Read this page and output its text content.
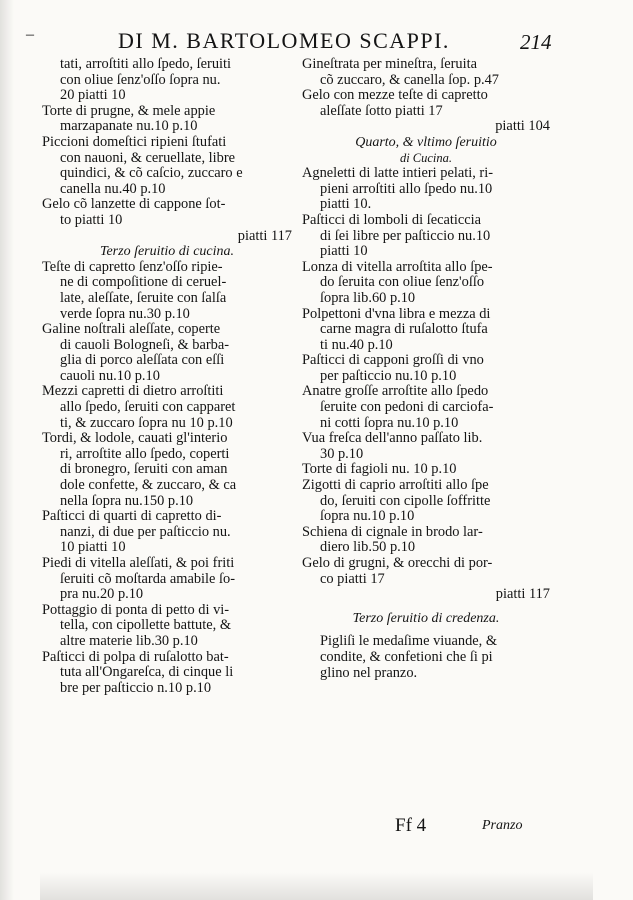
–	DI M. BARTOLOMEO SCAPPI.	214
tati, arroſtiti allo ſpedo, ſeruiti
con oliue ſenz'oſſo ſopra nu.
20 piatti 10
Torte di prugne, & mele appie
marzapanate nu.10 p.10
Piccioni domeſtici ripieni ſtufati
con nauoni, & ceruellate, libre
quindici, & cõ caſcio, zuccaro e
canella nu.40 p.10
Gelo cõ lanzette di cappone ſot-
to piatti 10
piatti 117
Terzo ſeruitio di cucina.
Teſte di capretto ſenz'oſſo ripie-
ne di compoſitione di ceruel-
late, aleſſate, ſeruite con ſalſa
verde ſopra nu.30 p.10
Galine noſtrali aleſſate, coperte
di cauoli Bologneſi, & barba-
glia di porco aleſſata con eſſi
cauoli nu.10 p.10
Mezzi capretti di dietro arroſtiti
allo ſpedo, ſeruiti con capparet
ti, & zuccaro ſopra nu 10 p.10
Tordi, & lodole, cauati gl'interio
ri, arroſtite allo ſpedo, coperti
di bronegro, ſeruiti con aman
dole confette, & zuccaro, & ca
nella ſopra nu.150 p.10
Paſticci di quarti di capretto di-
nanzi, di due per paſticcio nu.
10 piatti 10
Piedi di vitella aleſſati, & poi friti
ſeruiti cõ moſtarda amabile ſo-
pra nu.20 p.10
Pottaggio di ponta di petto di vi-
tella, con cipollette battute, &
altre materie lib.30 p.10
Paſticci di polpa di ruſalotto bat-
tuta all'Ongareſca, di cinque li
bre per paſticcio n.10 p.10
Gineſtrata per mineſtra, ſeruita
cõ zuccaro, & canella ſop. p.47
Gelo con mezze teſte di capretto
aleſſate ſotto piatti 17
piatti 104
Quarto, & vltimo ſeruitio
di Cucina.
Agneletti di latte intieri pelati, ri-
pieni arroſtiti allo ſpedo nu.10
piatti 10.
Paſticci di lomboli di ſecaticcia
di ſei libre per paſticcio nu.10
piatti 10
Lonza di vitella arroſtita allo ſpe-
do ſeruita con oliue ſenz'oſſo
ſopra lib.60 p.10
Polpettoni d'vna libra e mezza di
carne magra di ruſalotto ſtufa
ti nu.40 p.10
Paſticci di capponi groſſi di vno
per paſticcio nu.10 p.10
Anatre groſſe arroſtite allo ſpedo
ſeruite con pedoni di carciofa-
ni cotti ſopra nu.10 p.10
Vua freſca dell'anno paſſato lib.
30 p.10
Torte di fagioli nu. 10 p.10
Zigotti di caprio arroſtiti allo ſpe
do, ſeruiti con cipolle ſoffritte
ſopra nu.10 p.10
Schiena di cignale in brodo lar-
diero lib.50 p.10
Gelo di grugni, & orecchi di por-
co piatti 17
piatti 117
Terzo ſeruitio di credenza.
Pigliſi le medaſime viuande, &
condite, & confetioni che ſi pi
glino nel pranzo.
Ff 4	Pranzo
